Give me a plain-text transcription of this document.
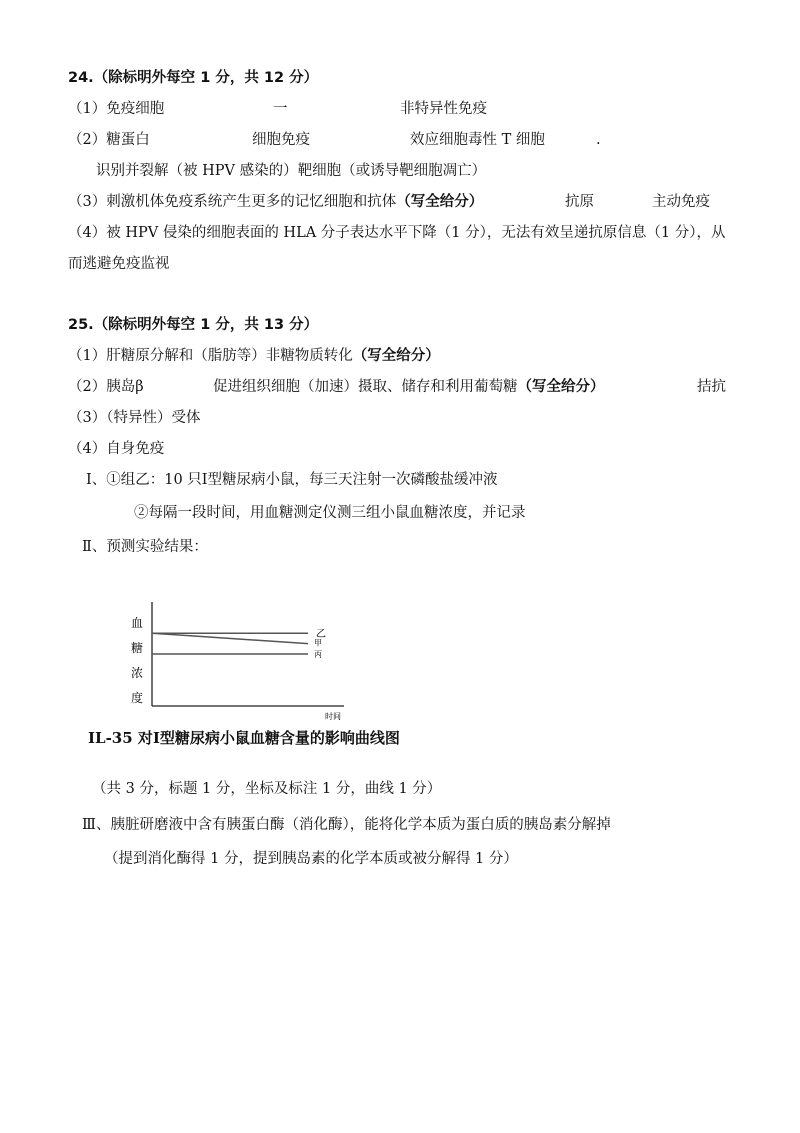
24.（除标明外每空 1 分，共 12 分）
（1）免疫细胞	一	非特异性免疫
（2）糖蛋白	细胞免疫	效应细胞毒性 T 细胞	.
识别并裂解（被 HPV 感染的）靶细胞（或诱导靶细胞凋亡）
（3）刺激机体免疫系统产生更多的记忆细胞和抗体（写全给分）	抗原	主动免疫
（4）被 HPV 侵染的细胞表面的 HLA 分子表达水平下降（1 分），无法有效呈递抗原信息（1 分），从
而逃避免疫监视
25.（除标明外每空 1 分，共 13 分）
（1）肝糖原分解和（脂肪等）非糖物质转化（写全给分）
（2）胰岛β	促进组织细胞（加速）摄取、储存和利用葡萄糖（写全给分）	拮抗
（3）（特异性）受体
（4）自身免疫
Ⅰ、①组乙：10 只Ⅰ型糖尿病小鼠，每三天注射一次磷酸盐缓冲液
②每隔一段时间，用血糖测定仪测三组小鼠血糖浓度，并记录
Ⅱ、预测实验结果：
血
糖
浓
度
时间
乙
甲
丙
IL-35 对Ⅰ型糖尿病小鼠血糖含量的影响曲线图
（共 3 分，标题 1 分，坐标及标注 1 分，曲线 1 分）
Ⅲ、胰脏研磨液中含有胰蛋白酶（消化酶），能将化学本质为蛋白质的胰岛素分解掉
（提到消化酶得 1 分，提到胰岛素的化学本质或被分解得 1 分）
